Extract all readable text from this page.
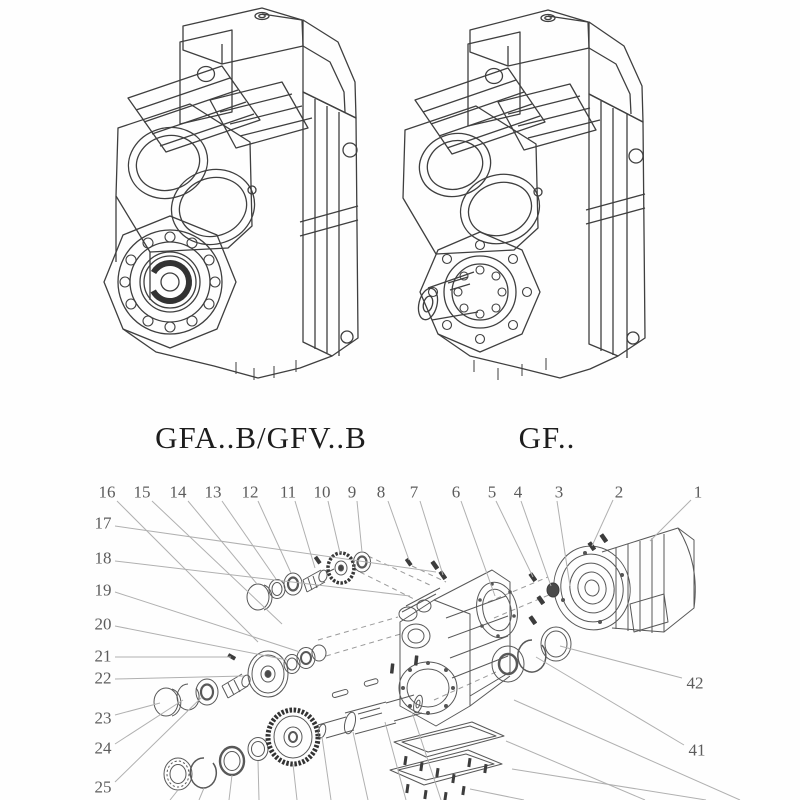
1
2
3
4
5
6
7
8
9
10
11
12
13
14
15
16
17
18
19
20
21
22
23
24
25
42
41
GFA..B/GFV..B	GF..
